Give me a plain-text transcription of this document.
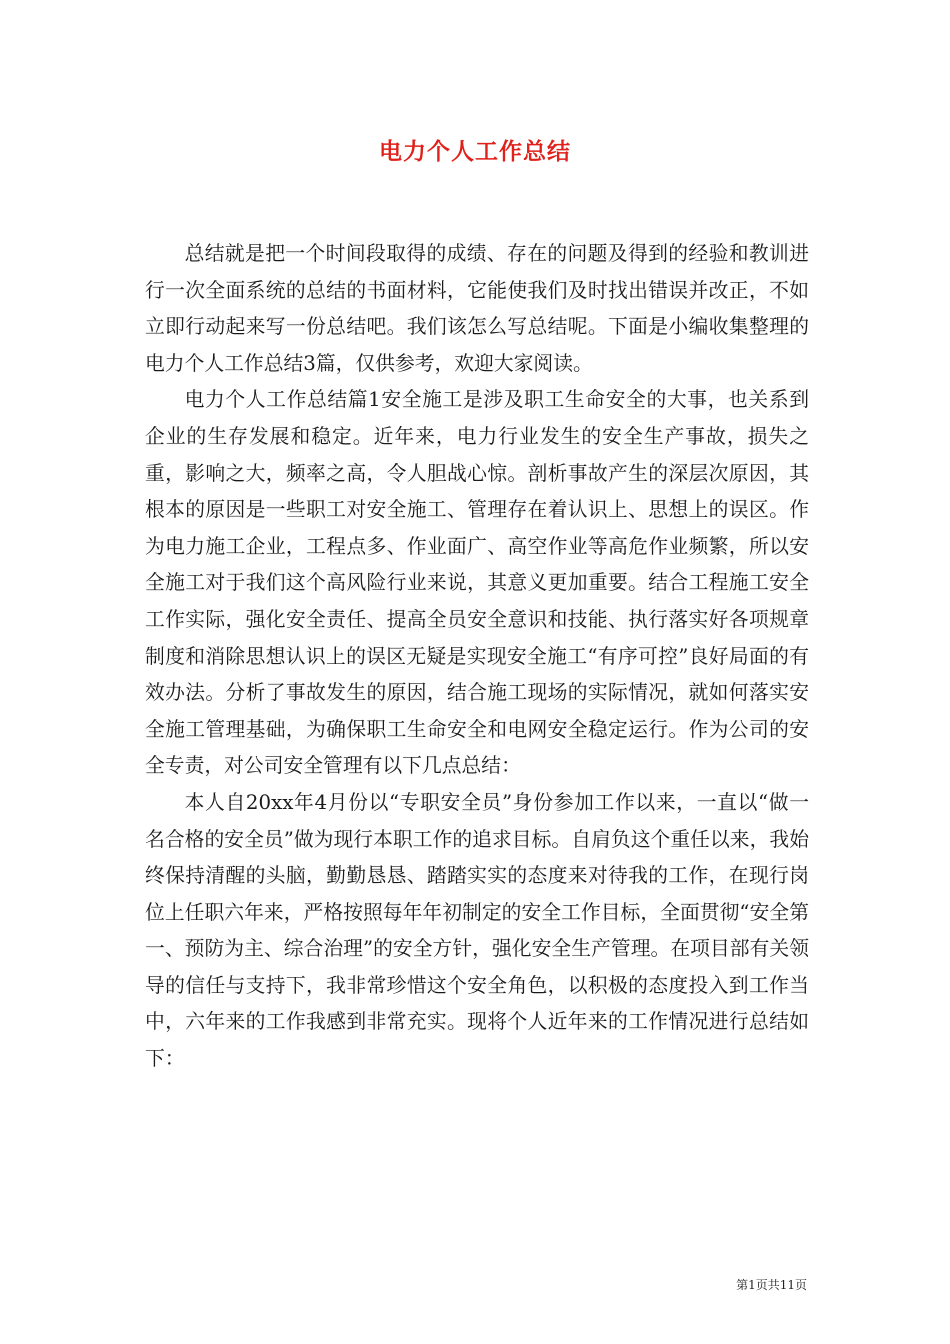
电力个人工作总结

总结就是把一个时间段取得的成绩、存在的问题及得到的经验和教训进行一次全面系统的总结的书面材料，它能使我们及时找出错误并改正，不如立即行动起来写一份总结吧。我们该怎么写总结呢。下面是小编收集整理的电力个人工作总结3篇，仅供参考，欢迎大家阅读。

电力个人工作总结篇1安全施工是涉及职工生命安全的大事，也关系到企业的生存发展和稳定。近年来，电力行业发生的安全生产事故，损失之重，影响之大，频率之高，令人胆战心惊。剖析事故产生的深层次原因，其根本的原因是一些职工对安全施工、管理存在着认识上、思想上的误区。作为电力施工企业，工程点多、作业面广、高空作业等高危作业频繁，所以安全施工对于我们这个高风险行业来说，其意义更加重要。结合工程施工安全工作实际，强化安全责任、提高全员安全意识和技能、执行落实好各项规章制度和消除思想认识上的误区无疑是实现安全施工“有序可控”良好局面的有效办法。分析了事故发生的原因，结合施工现场的实际情况，就如何落实安全施工管理基础，为确保职工生命安全和电网安全稳定运行。作为公司的安全专责，对公司安全管理有以下几点总结：

本人自20xx年4月份以“专职安全员”身份参加工作以来，一直以“做一名合格的安全员”做为现行本职工作的追求目标。自肩负这个重任以来，我始终保持清醒的头脑，勤勤恳恳、踏踏实实的态度来对待我的工作，在现行岗位上任职六年来，严格按照每年年初制定的安全工作目标，全面贯彻“安全第一、预防为主、综合治理”的安全方针，强化安全生产管理。在项目部有关领导的信任与支持下，我非常珍惜这个安全角色，以积极的态度投入到工作当中，六年来的工作我感到非常充实。现将个人近年来的工作情况进行总结如下：

第1页共11页
